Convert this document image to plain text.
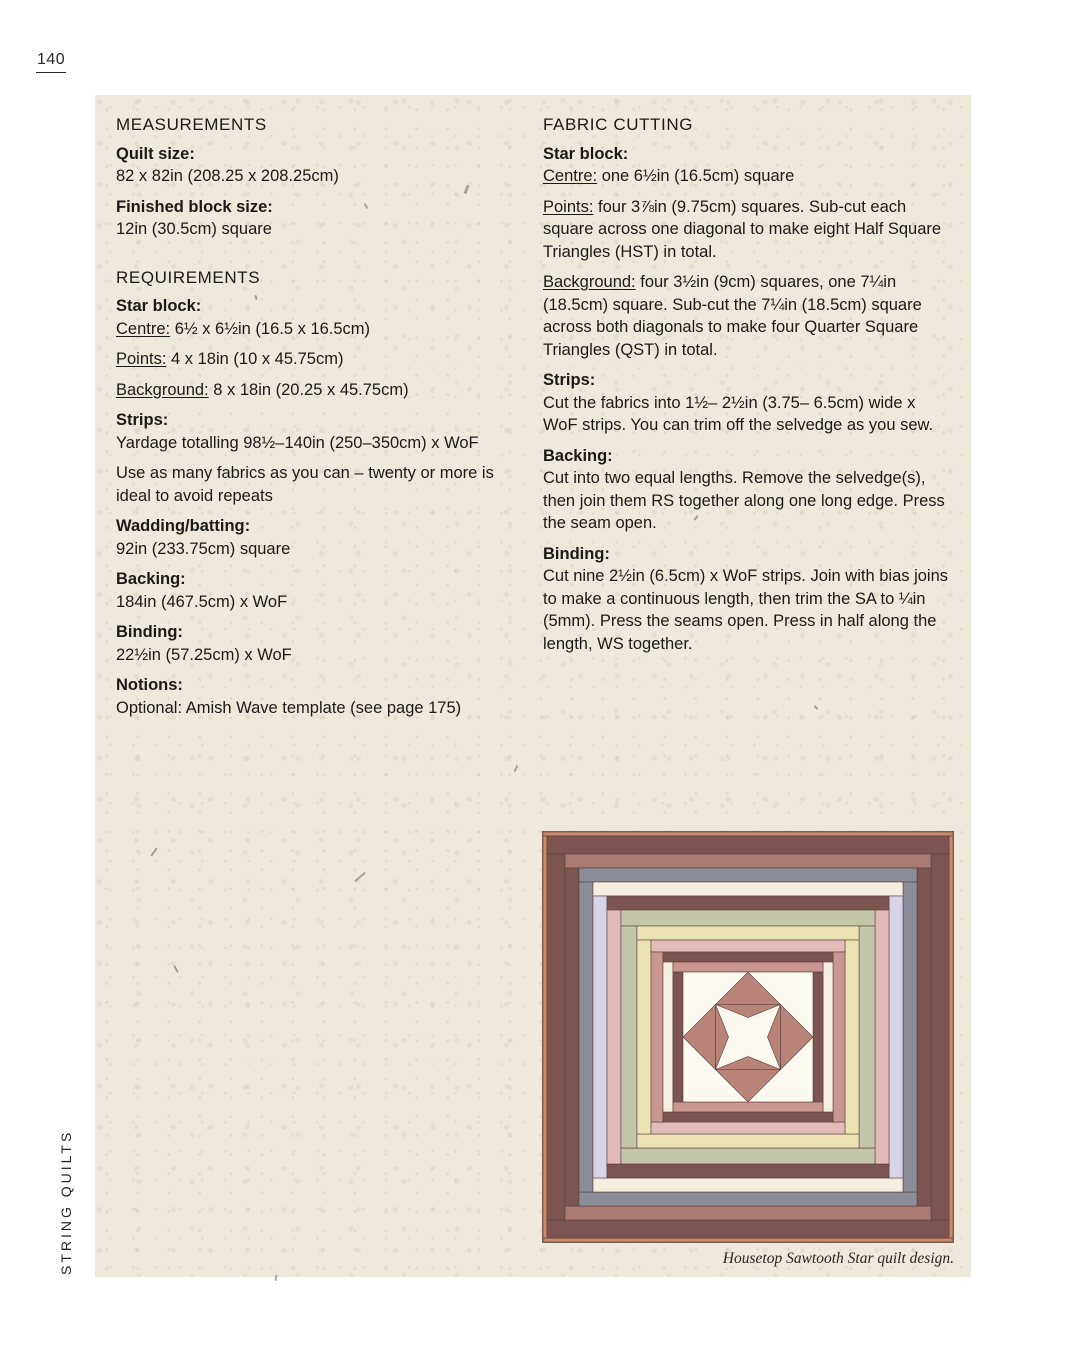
140
STRING QUILTS
MEASUREMENTS
Quilt size:
82 x 82in (208.25 x 208.25cm)
Finished block size:
12in (30.5cm) square
REQUIREMENTS
Star block:
Centre: 6½ x 6½in (16.5 x 16.5cm)
Points: 4 x 18in (10 x 45.75cm)
Background: 8 x 18in (20.25 x 45.75cm)
Strips:
Yardage totalling 98½–140in (250–350cm) x WoF
Use as many fabrics as you can – twenty or more is ideal to avoid repeats
Wadding/batting:
92in (233.75cm) square
Backing:
184in (467.5cm) x WoF
Binding:
22½in (57.25cm) x WoF
Notions:
Optional: Amish Wave template (see page 175)
FABRIC CUTTING
Star block:
Centre: one 6½in (16.5cm) square
Points: four 3⅞in (9.75cm) squares. Sub-cut each square across one diagonal to make eight Half Square Triangles (HST) in total.
Background: four 3½in (9cm) squares, one 7¼in (18.5cm) square. Sub-cut the 7¼in (18.5cm) square across both diagonals to make four Quarter Square Triangles (QST) in total.
Strips:
Cut the fabrics into 1½– 2½in (3.75– 6.5cm) wide x WoF strips. You can trim off the selvedge as you sew.
Backing:
Cut into two equal lengths. Remove the selvedge(s), then join them RS together along one long edge. Press the seam open.
Binding:
Cut nine 2½in (6.5cm) x WoF strips. Join with bias joins to make a continuous length, then trim the SA to ¼in (5mm). Press the seams open. Press in half along the length, WS together.
Housetop Sawtooth Star quilt design.
